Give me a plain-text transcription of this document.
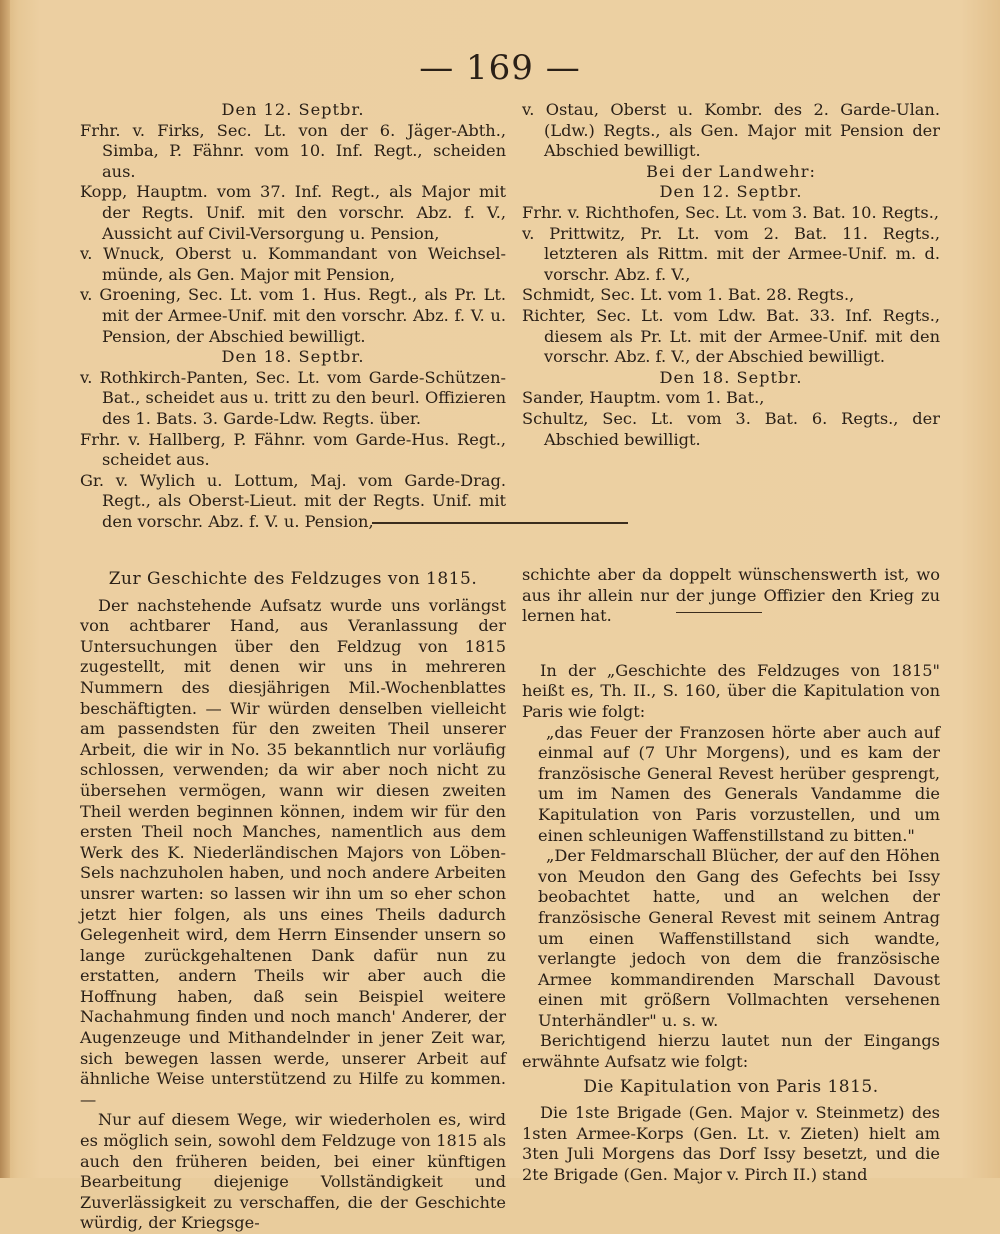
— 169 —

Den 12. Septbr.

Frhr. v. Firks, Sec. Lt. von der 6. Jäger-Abth., Simba, P. Fähnr. vom 10. Inf. Regt., scheiden aus.

Kopp, Hauptm. vom 37. Inf. Regt., als Major mit der Regts. Unif. mit den vorschr. Abz. f. V., Aussicht auf Civil-Versorgung u. Pension,

v. Wnuck, Oberst u. Kommandant von Weichsel-münde, als Gen. Major mit Pension,

v. Groening, Sec. Lt. vom 1. Hus. Regt., als Pr. Lt. mit der Armee-Unif. mit den vorschr. Abz. f. V. u. Pension, der Abschied bewilligt.

Den 18. Septbr.

v. Rothkirch-Panten, Sec. Lt. vom Garde-Schützen-Bat., scheidet aus u. tritt zu den beurl. Offizieren des 1. Bats. 3. Garde-Ldw. Regts. über.

Frhr. v. Hallberg, P. Fähnr. vom Garde-Hus. Regt., scheidet aus.

Gr. v. Wylich u. Lottum, Maj. vom Garde-Drag. Regt., als Oberst-Lieut. mit der Regts. Unif. mit den vorschr. Abz. f. V. u. Pension,

v. Ostau, Oberst u. Kombr. des 2. Garde-Ulan. (Ldw.) Regts., als Gen. Major mit Pension der Abschied bewilligt.

Bei der Landwehr:

Den 12. Septbr.

Frhr. v. Richthofen, Sec. Lt. vom 3. Bat. 10. Regts.,

v. Prittwitz, Pr. Lt. vom 2. Bat. 11. Regts., letzteren als Rittm. mit der Armee-Unif. m. d. vorschr. Abz. f. V.,

Schmidt, Sec. Lt. vom 1. Bat. 28. Regts.,

Richter, Sec. Lt. vom Ldw. Bat. 33. Inf. Regts., diesem als Pr. Lt. mit der Armee-Unif. mit den vorschr. Abz. f. V., der Abschied bewilligt.

Den 18. Septbr.

Sander, Hauptm. vom 1. Bat.,

Schultz, Sec. Lt. vom 3. Bat. 6. Regts., der Abschied bewilligt.

Zur Geschichte des Feldzuges von 1815.

Der nachstehende Aufsatz wurde uns vorlängst von achtbarer Hand, aus Veranlassung der Untersuchungen über den Feldzug von 1815 zugestellt, mit denen wir uns in mehreren Nummern des diesjährigen Mil.-Wochenblattes beschäftigten. — Wir würden denselben vielleicht am passendsten für den zweiten Theil unserer Arbeit, die wir in No. 35 bekanntlich nur vorläufig schlossen, verwenden; da wir aber noch nicht zu übersehen vermögen, wann wir diesen zweiten Theil werden beginnen können, indem wir für den ersten Theil noch Manches, namentlich aus dem Werk des K. Niederländischen Majors von Löben-Sels nachzuholen haben, und noch andere Arbeiten unsrer warten: so lassen wir ihn um so eher schon jetzt hier folgen, als uns eines Theils dadurch Gelegenheit wird, dem Herrn Einsender unsern so lange zurückgehaltenen Dank dafür nun zu erstatten, andern Theils wir aber auch die Hoffnung haben, daß sein Beispiel weitere Nachahmung finden und noch manch' Anderer, der Augenzeuge und Mithandelnder in jener Zeit war, sich bewegen lassen werde, unserer Arbeit auf ähnliche Weise unterstützend zu Hilfe zu kommen. —

Nur auf diesem Wege, wir wiederholen es, wird es möglich sein, sowohl dem Feldzuge von 1815 als auch den früheren beiden, bei einer künftigen Bearbeitung diejenige Vollständigkeit und Zuverlässigkeit zu verschaffen, die der Geschichte würdig, der Kriegsge-

schichte aber da doppelt wünschenswerth ist, wo aus ihr allein nur der junge Offizier den Krieg zu lernen hat.

In der „Geschichte des Feldzuges von 1815" heißt es, Th. II., S. 160, über die Kapitulation von Paris wie folgt:

„das Feuer der Franzosen hörte aber auch auf einmal auf (7 Uhr Morgens), und es kam der französische General Revest herüber gesprengt, um im Namen des Generals Vandamme die Kapitulation von Paris vorzustellen, und um einen schleunigen Waffenstillstand zu bitten."

„Der Feldmarschall Blücher, der auf den Höhen von Meudon den Gang des Gefechts bei Issy beobachtet hatte, und an welchen der französische General Revest mit seinem Antrag um einen Waffenstillstand sich wandte, verlangte jedoch von dem die französische Armee kommandirenden Marschall Davoust einen mit größern Vollmachten versehenen Unterhändler" u. s. w.

Berichtigend hierzu lautet nun der Eingangs erwähnte Aufsatz wie folgt:

Die Kapitulation von Paris 1815.

Die 1ste Brigade (Gen. Major v. Steinmetz) des 1sten Armee-Korps (Gen. Lt. v. Zieten) hielt am 3ten Juli Morgens das Dorf Issy besetzt, und die 2te Brigade (Gen. Major v. Pirch II.) stand
